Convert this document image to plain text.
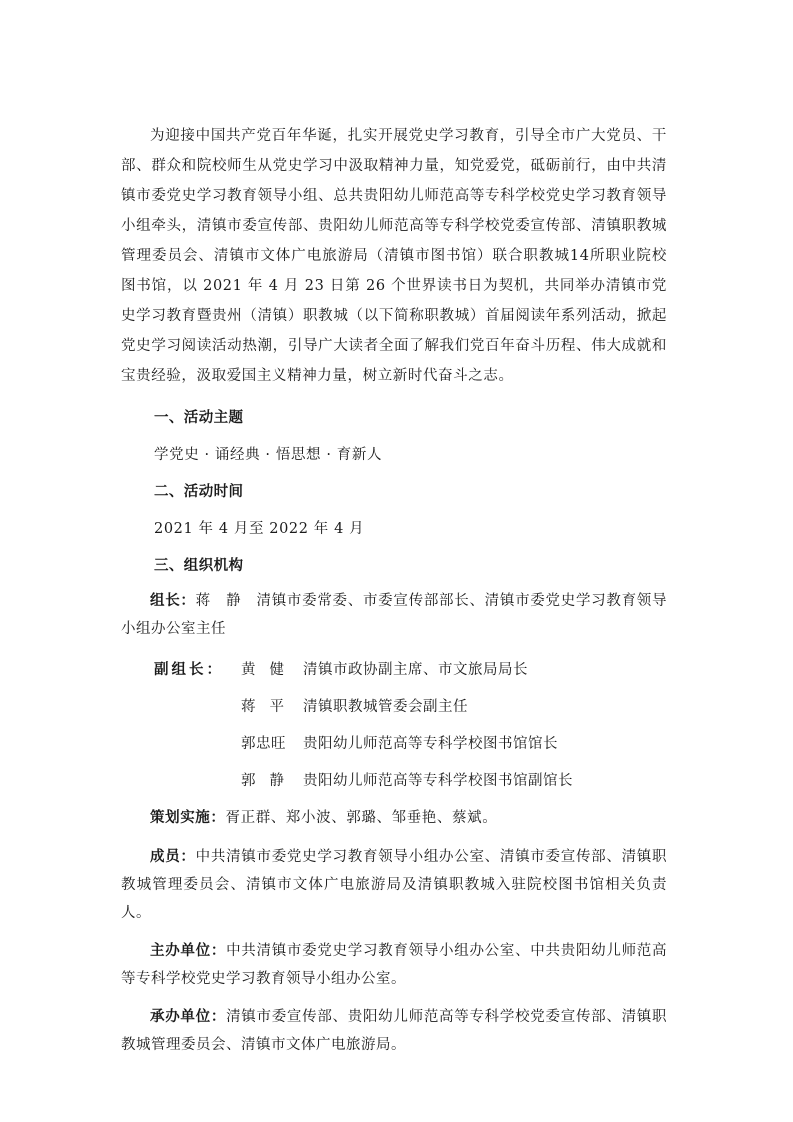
为迎接中国共产党百年华诞，扎实开展党史学习教育，引导全市广大党员、干部、群众和院校师生从党史学习中汲取精神力量，知党爱党，砥砺前行，由中共清镇市委党史学习教育领导小组、总共贵阳幼儿师范高等专科学校党史学习教育领导小组牵头，清镇市委宣传部、贵阳幼儿师范高等专科学校党委宣传部、清镇职教城管理委员会、清镇市文体广电旅游局（清镇市图书馆）联合职教城14所职业院校图书馆，以 2021 年 4 月 23 日第 26 个世界读书日为契机，共同举办清镇市党史学习教育暨贵州（清镇）职教城（以下简称职教城）首届阅读年系列活动，掀起党史学习阅读活动热潮，引导广大读者全面了解我们党百年奋斗历程、伟大成就和宝贵经验，汲取爱国主义精神力量，树立新时代奋斗之志。

一、活动主题

学党史 · 诵经典 · 悟思想 · 育新人

二、活动时间

2021 年 4 月至 2022 年 4 月

三、组织机构

组长：蒋　静　清镇市委常委、市委宣传部部长、清镇市委党史学习教育领导小组办公室主任

副组长： 黄健 清镇市政协副主席、市文旅局局长
蒋平 清镇职教城管委会副主任
郭忠旺 贵阳幼儿师范高等专科学校图书馆馆长
郭静 贵阳幼儿师范高等专科学校图书馆副馆长

策划实施：胥正群、郑小波、郭璐、邹垂艳、蔡斌。

成员：中共清镇市委党史学习教育领导小组办公室、清镇市委宣传部、清镇职教城管理委员会、清镇市文体广电旅游局及清镇职教城入驻院校图书馆相关负责人。

主办单位：中共清镇市委党史学习教育领导小组办公室、中共贵阳幼儿师范高等专科学校党史学习教育领导小组办公室。

承办单位：清镇市委宣传部、贵阳幼儿师范高等专科学校党委宣传部、清镇职教城管理委员会、清镇市文体广电旅游局。
